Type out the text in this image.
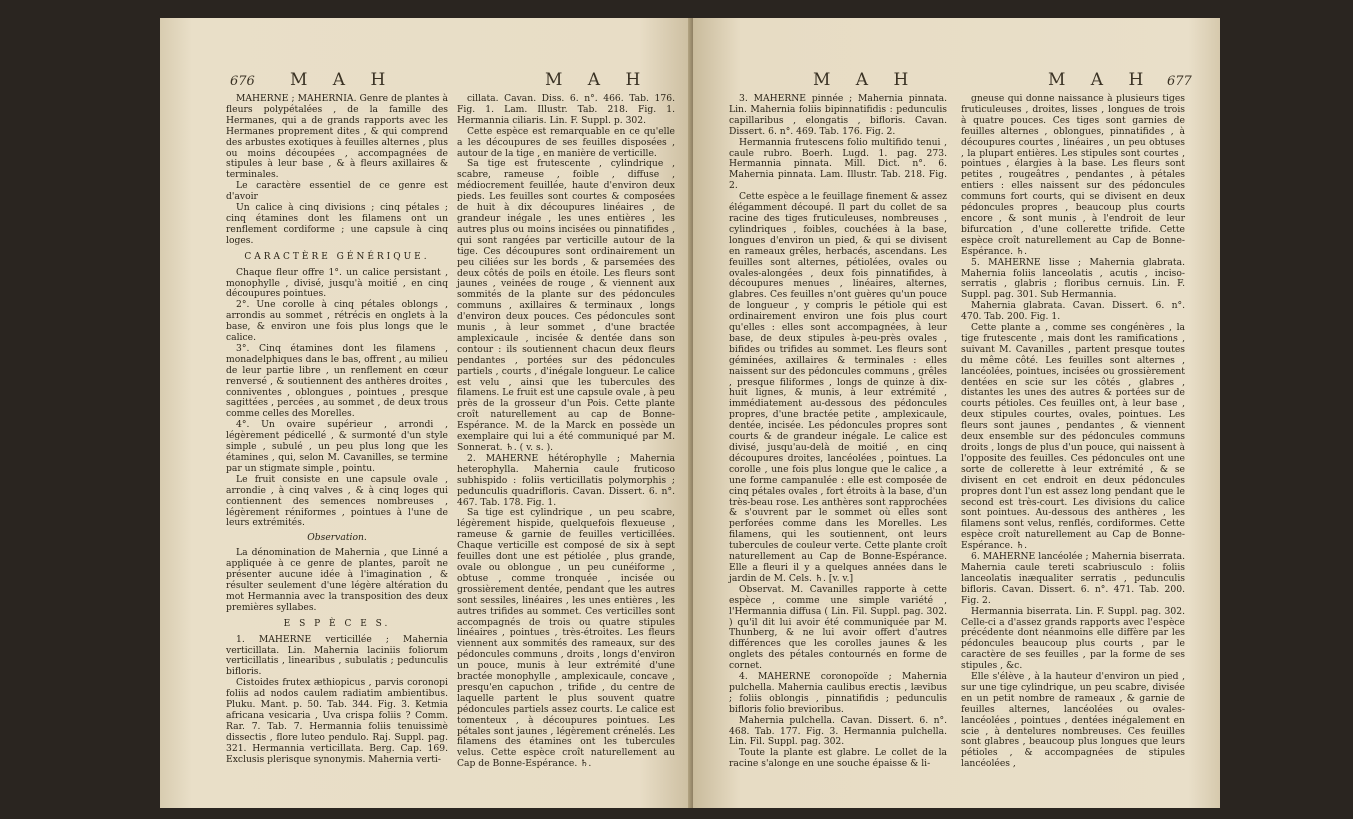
676 M A H	M A H

MAHERNE ; MAHERNIA. Genre de plantes à fleurs polypétalées , de la famille des Hermanes, qui a de grands rapports avec les Hermanes proprement dites , & qui comprend des arbustes exotiques à feuilles alternes , plus ou moins découpées , accompagnées de stipules à leur base , & à fleurs axillaires & terminales.

Le caractère essentiel de ce genre est d'avoir

Un calice à cinq divisions ; cinq pétales ; cinq étamines dont les filamens ont un renflement cordiforme ; une capsule à cinq loges.

CARACTÈRE GÉNÉRIQUE.

Chaque fleur offre 1°. un calice persistant , monophylle , divisé, jusqu'à moitié , en cinq découpures pointues.

2°. Une corolle à cinq pétales oblongs , arrondis au sommet , rétrécis en onglets à la base, & environ une fois plus longs que le calice.

3°. Cinq étamines dont les filamens , monadelphiques dans le bas, offrent , au milieu de leur partie libre , un renflement en cœur renversé , & soutiennent des anthères droites , conniventes , oblongues , pointues , presque sagittées , percées , au sommet , de deux trous comme celles des Morelles.

4°. Un ovaire supérieur , arrondi , légèrement pédicellé , & surmonté d'un style simple , subulé , un peu plus long que les étamines , qui, selon M. Cavanilles, se termine par un stigmate simple , pointu.

Le fruit consiste en une capsule ovale , arrondie , à cinq valves , & à cinq loges qui contiennent des semences nombreuses , légèrement réniformes , pointues à l'une de leurs extrémités.

Observation.

La dénomination de Mahernia , que Linné a appliquée à ce genre de plantes, paroît ne présenter aucune idée à l'imagination , & résulter seulement d'une légère altération du mot Hermannia avec la transposition des deux premières syllabes.

E S P È C E S.

1. MAHERNE verticillée ; Mahernia verticillata. Lin. Mahernia laciniis foliorum verticillatis , linearibus , subulatis ; pedunculis bifloris.

Cistoides frutex æthiopicus , parvis coronopi foliis ad nodos caulem radiatim ambientibus. Pluku. Mant. p. 50. Tab. 344. Fig. 3. Ketmia africana vesicaria , Uva crispa foliis ? Comm. Rar. 7. Tab. 7. Hermannia foliis tenuissimè dissectis , flore luteo pendulo. Raj. Suppl. pag. 321. Hermannia verticillata. Berg. Cap. 169. Exclusis plerisque synonymis. Mahernia verti-

cillata. Cavan. Diss. 6. n°. 466. Tab. 176. Fig. 1. Lam. Illustr. Tab. 218. Fig. 1. Hermannia ciliaris. Lin. F. Suppl. p. 302.

Cette espèce est remarquable en ce qu'elle a les découpures de ses feuilles disposées , autour de la tige , en manière de verticille.

Sa tige est frutescente , cylindrique , scabre, rameuse , foible , diffuse , médiocrement feuillée, haute d'environ deux pieds. Les feuilles sont courtes & composées de huit à dix découpures linéaires , de grandeur inégale , les unes entières , les autres plus ou moins incisées ou pinnatifides , qui sont rangées par verticille autour de la tige. Ces découpures sont ordinairement un peu ciliées sur les bords , & parsemées des deux côtés de poils en étoile. Les fleurs sont jaunes , veinées de rouge , & viennent aux sommités de la plante sur des pédoncules communs , axillaires & terminaux , longs d'environ deux pouces. Ces pédoncules sont munis , à leur sommet , d'une bractée amplexicaule , incisée & dentée dans son contour : ils soutiennent chacun deux fleurs pendantes , portées sur des pédoncules partiels , courts , d'inégale longueur. Le calice est velu , ainsi que les tubercules des filamens. Le fruit est une capsule ovale , à peu près de la grosseur d'un Pois. Cette plante croît naturellement au cap de Bonne-Espérance. M. de la Marck en possède un exemplaire qui lui a été communiqué par M. Sonnerat. ♄. ( v. s. ).

2. MAHERNE hétérophylle ; Mahernia heterophylla. Mahernia caule fruticoso subhispido : foliis verticillatis polymorphis ; pedunculis quadrifloris. Cavan. Dissert. 6. n°. 467. Tab. 178. Fig. 1.

Sa tige est cylindrique , un peu scabre, légèrement hispide, quelquefois flexueuse , rameuse & garnie de feuilles verticillées. Chaque verticille est composé de six à sept feuilles dont une est pétiolée , plus grande, ovale ou oblongue , un peu cunéiforme , obtuse , comme tronquée , incisée ou grossièrement dentée, pendant que les autres sont sessiles, linéaires , les unes entières , les autres trifides au sommet. Ces verticilles sont accompagnés de trois ou quatre stipules linéaires , pointues , très-étroites. Les fleurs viennent aux sommités des rameaux, sur des pédoncules communs , droits , longs d'environ un pouce, munis à leur extrémité d'une bractée monophylle , amplexicaule, concave , presqu'en capuchon , trifide , du centre de laquelle partent le plus souvent quatre pédoncules partiels assez courts. Le calice est tomenteux , à découpures pointues. Les pétales sont jaunes , légèrement crénelés. Les filamens des étamines ont les tubercules velus. Cette espèce croît naturellement au Cap de Bonne-Espérance. ♄.

M A H	M A H 677

3. MAHERNE pinnée ; Mahernia pinnata. Lin. Mahernia foliis bipinnatifidis : pedunculis capillaribus , elongatis , bifloris. Cavan. Dissert. 6. n°. 469. Tab. 176. Fig. 2.

Hermannia frutescens folio multifido tenui , caule rubro. Boerh. Lugd. 1. pag. 273. Hermannia pinnata. Mill. Dict. n°. 6. Mahernia pinnata. Lam. Illustr. Tab. 218. Fig. 2.

Cette espèce a le feuillage finement & assez élégamment découpé. Il part du collet de sa racine des tiges fruticuleuses, nombreuses , cylindriques , foibles, couchées à la base, longues d'environ un pied, & qui se divisent en rameaux grêles, herbacés, ascendans. Les feuilles sont alternes, pétiolées, ovales ou ovales-alongées , deux fois pinnatifides, à découpures menues , linéaires, alternes, glabres. Ces feuilles n'ont guères qu'un pouce de longueur , y compris le pétiole qui est ordinairement environ une fois plus court qu'elles : elles sont accompagnées, à leur base, de deux stipules à-peu-près ovales , bifides ou trifides au sommet. Les fleurs sont géminées, axillaires & terminales : elles naissent sur des pédoncules communs , grêles , presque filiformes , longs de quinze à dix-huit lignes, & munis, à leur extrémité , immédiatement au-dessous des pédoncules propres, d'une bractée petite , amplexicaule, dentée, incisée. Les pédoncules propres sont courts & de grandeur inégale. Le calice est divisé, jusqu'au-delà de moitié , en cinq découpures droites, lancéolées , pointues. La corolle , une fois plus longue que le calice , a une forme campanulée : elle est composée de cinq pétales ovales , fort étroits à la base, d'un très-beau rose. Les anthères sont rapprochées & s'ouvrent par le sommet où elles sont perforées comme dans les Morelles. Les filamens, qui les soutiennent, ont leurs tubercules de couleur verte. Cette plante croît naturellement au Cap de Bonne-Espérance. Elle a fleuri il y a quelques années dans le jardin de M. Cels. ♄. [v. v.]

Observat. M. Cavanilles rapporte à cette espèce , comme une simple variété , l'Hermannia diffusa ( Lin. Fil. Suppl. pag. 302. ) qu'il dit lui avoir été communiquée par M. Thunberg, & ne lui avoir offert d'autres différences que les corolles jaunes & les onglets des pétales contournés en forme de cornet.

4. MAHERNE coronopoïde ; Mahernia pulchella. Mahernia caulibus erectis , lævibus ; foliis oblongis , pinnatifidis ; pedunculis bifloris folio brevioribus.

Mahernia pulchella. Cavan. Dissert. 6. n°. 468. Tab. 177. Fig. 3. Hermannia pulchella. Lin. Fil. Suppl. pag. 302.

Toute la plante est glabre. Le collet de la racine s'alonge en une souche épaisse & li-

gneuse qui donne naissance à plusieurs tiges fruticuleuses , droites, lisses , longues de trois à quatre pouces. Ces tiges sont garnies de feuilles alternes , oblongues, pinnatifides , à découpures courtes , linéaires , un peu obtuses , la plupart entières. Les stipules sont courtes , pointues , élargies à la base. Les fleurs sont petites , rougeâtres , pendantes , à pétales entiers : elles naissent sur des pédoncules communs fort courts, qui se divisent en deux pédoncules propres , beaucoup plus courts encore , & sont munis , à l'endroit de leur bifurcation , d'une collerette trifide. Cette espèce croît naturellement au Cap de Bonne-Espérance. ♄.

5. MAHERNE lisse ; Mahernia glabrata. Mahernia foliis lanceolatis , acutis , inciso-serratis , glabris ; floribus cernuis. Lin. F. Suppl. pag. 301. Sub Hermannia.

Mahernia glabrata. Cavan. Dissert. 6. n°. 470. Tab. 200. Fig. 1.

Cette plante a , comme ses congénères , la tige frutescente , mais dont les ramifications , suivant M. Cavanilles , partent presque toutes du même côté. Les feuilles sont alternes , lancéolées, pointues, incisées ou grossièrement dentées en scie sur les côtés , glabres , distantes les unes des autres & portées sur de courts pétioles. Ces feuilles ont, à leur base , deux stipules courtes, ovales, pointues. Les fleurs sont jaunes , pendantes , & viennent deux ensemble sur des pédoncules communs droits , longs de plus d'un pouce, qui naissent à l'opposite des feuilles. Ces pédoncules ont une sorte de collerette à leur extrémité , & se divisent en cet endroit en deux pédoncules propres dont l'un est assez long pendant que le second est très-court. Les divisions du calice sont pointues. Au-dessous des anthères , les filamens sont velus, renflés, cordiformes. Cette espèce croît naturellement au Cap de Bonne-Espérance. ♄.

6. MAHERNE lancéolée ; Mahernia biserrata. Mahernia caule tereti scabriusculo : foliis lanceolatis inæqualiter serratis , pedunculis bifloris. Cavan. Dissert. 6. n°. 471. Tab. 200. Fig. 2.

Hermannia biserrata. Lin. F. Suppl. pag. 302. Celle-ci a d'assez grands rapports avec l'espèce précédente dont néanmoins elle diffère par les pédoncules beaucoup plus courts , par le caractère de ses feuilles , par la forme de ses stipules , &c.

Elle s'élève , à la hauteur d'environ un pied , sur une tige cylindrique, un peu scabre, divisée en un petit nombre de rameaux , & garnie de feuilles alternes, lancéolées ou ovales-lancéolées , pointues , dentées inégalement en scie , à dentelures nombreuses. Ces feuilles sont glabres , beaucoup plus longues que leurs pétioles , & accompagnées de stipules lancéolées ,
